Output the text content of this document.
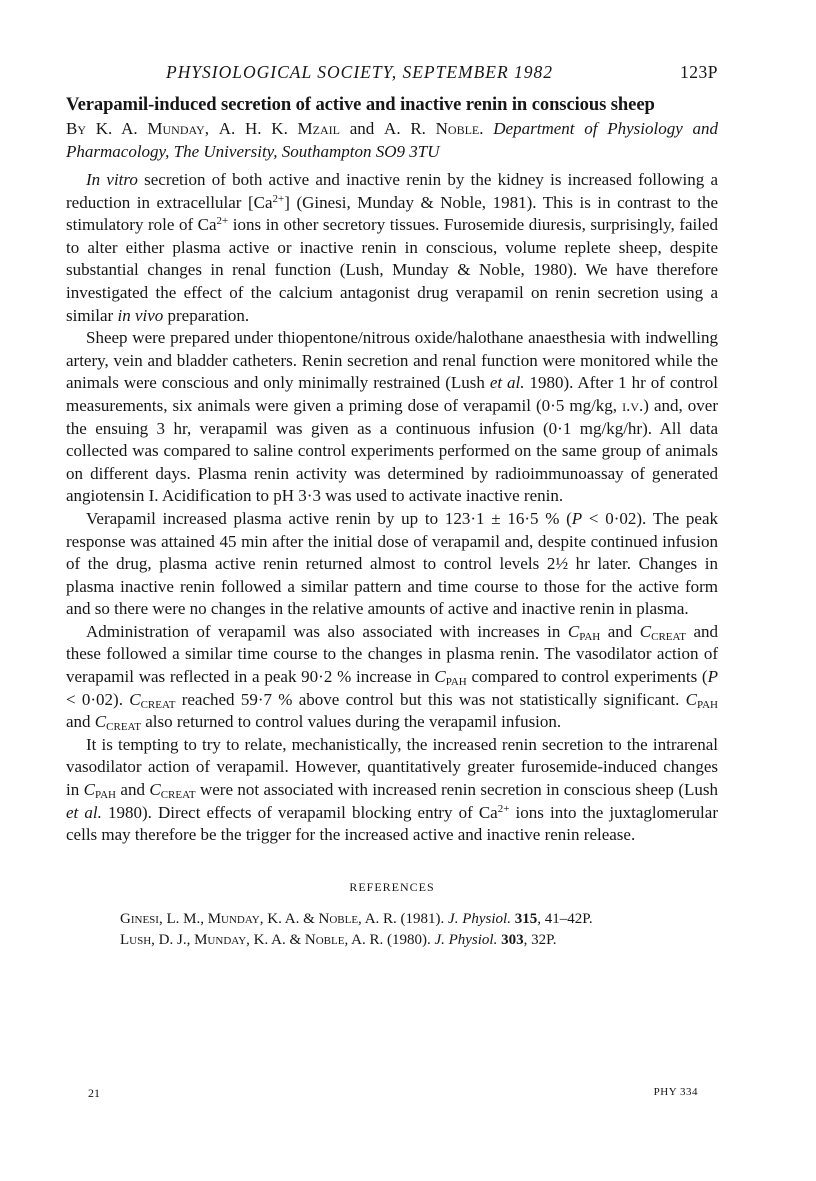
PHYSIOLOGICAL SOCIETY, SEPTEMBER 1982	123P
Verapamil-induced secretion of active and inactive renin in conscious sheep
By K. A. Munday, A. H. K. Mzail and A. R. Noble. Department of Physiology and Pharmacology, The University, Southampton SO9 3TU

In vitro secretion of both active and inactive renin by the kidney is increased following a reduction in extracellular $[Ca^{2+}]$ (Ginesi, Munday & Noble, 1981). This is in contrast to the stimulatory role of $Ca^{2+}$ ions in other secretory tissues. Furosemide diuresis, surprisingly, failed to alter either plasma active or inactive renin in conscious, volume replete sheep, despite substantial changes in renal function (Lush, Munday & Noble, 1980). We have therefore investigated the effect of the calcium antagonist drug verapamil on renin secretion using a similar in vivo preparation.

Sheep were prepared under thiopentone/nitrous oxide/halothane anaesthesia with indwelling artery, vein and bladder catheters. Renin secretion and renal function were monitored while the animals were conscious and only minimally restrained (Lush et al. 1980). After 1 hr of control measurements, six animals were given a priming dose of verapamil (0·5 mg/kg, i.v.) and, over the ensuing 3 hr, verapamil was given as a continuous infusion (0·1 mg/kg/hr). All data collected was compared to saline control experiments performed on the same group of animals on different days. Plasma renin activity was determined by radioimmunoassay of generated angiotensin I. Acidification to pH 3·3 was used to activate inactive renin.

Verapamil increased plasma active renin by up to 123·1 ± 16·5 % (P < 0·02). The peak response was attained 45 min after the initial dose of verapamil and, despite continued infusion of the drug, plasma active renin returned almost to control levels 2½ hr later. Changes in plasma inactive renin followed a similar pattern and time course to those for the active form and so there were no changes in the relative amounts of active and inactive renin in plasma.

Administration of verapamil was also associated with increases in $C_{PAH}$ and $C_{CREAT}$ and these followed a similar time course to the changes in plasma renin. The vasodilator action of verapamil was reflected in a peak 90·2 % increase in $C_{PAH}$ compared to control experiments (P < 0·02). $C_{CREAT}$ reached 59·7 % above control but this was not statistically significant. $C_{PAH}$ and $C_{CREAT}$ also returned to control values during the verapamil infusion.

It is tempting to try to relate, mechanistically, the increased renin secretion to the intrarenal vasodilator action of verapamil. However, quantitatively greater furosemide-induced changes in $C_{PAH}$ and $C_{CREAT}$ were not associated with increased renin secretion in conscious sheep (Lush et al. 1980). Direct effects of verapamil blocking entry of $Ca^{2+}$ ions into the juxtaglomerular cells may therefore be the trigger for the increased active and inactive renin release.

REFERENCES
Ginesi, L. M., Munday, K. A. & Noble, A. R. (1981). J. Physiol. 315, 41–42P.
Lush, D. J., Munday, K. A. & Noble, A. R. (1980). J. Physiol. 303, 32P.
21	PHY 334
